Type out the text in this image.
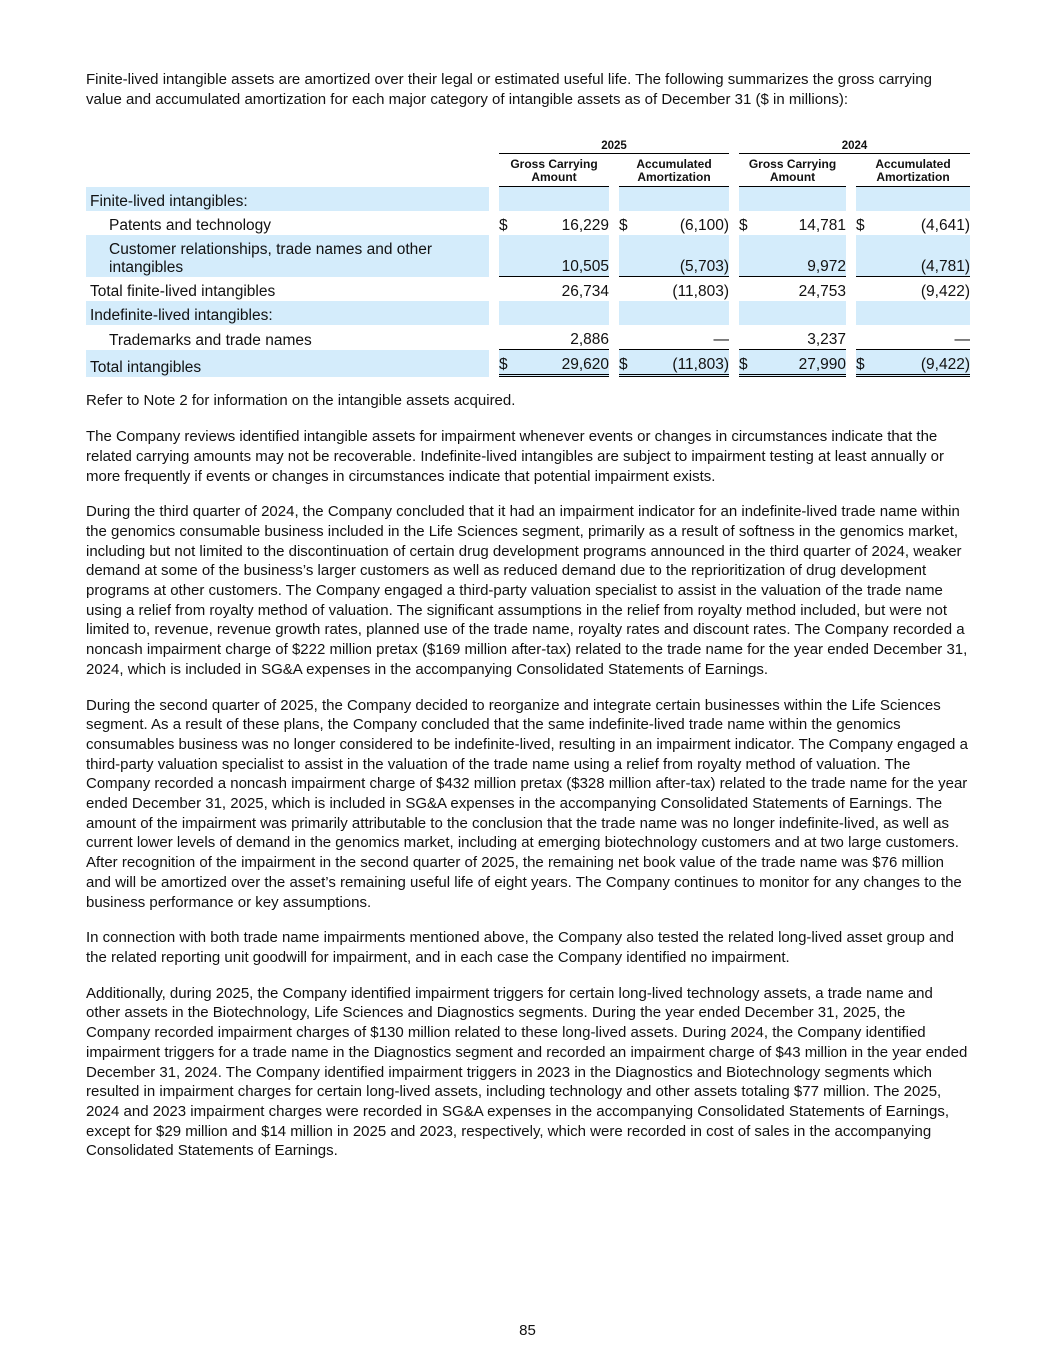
Finite-lived intangible assets are amortized over their legal or estimated useful life. The following summarizes the gross carrying value and accumulated amortization for each major category of intangible assets as of December 31 ($ in millions):

		2025						2024				
		Gross Carrying Amount			Accumulated Amortization			Gross Carrying Amount			Accumulated Amortization	
Finite-lived intangibles:												
Patents and technology		$	16,229		$	(6,100)		$	14,781		$	(4,641)
Customer relationships, trade names and other intangibles			10,505			(5,703)			9,972			(4,781)
Total finite-lived intangibles			26,734			(11,803)			24,753			(9,422)
Indefinite-lived intangibles:												
Trademarks and trade names			2,886			—			3,237			—
Total intangibles		$	29,620		$	(11,803)		$	27,990		$	(9,422)

Refer to Note 2 for information on the intangible assets acquired.

The Company reviews identified intangible assets for impairment whenever events or changes in circumstances indicate that the related carrying amounts may not be recoverable. Indefinite-lived intangibles are subject to impairment testing at least annually or more frequently if events or changes in circumstances indicate that potential impairment exists.

During the third quarter of 2024, the Company concluded that it had an impairment indicator for an indefinite-lived trade name within the genomics consumable business included in the Life Sciences segment, primarily as a result of softness in the genomics market, including but not limited to the discontinuation of certain drug development programs announced in the third quarter of 2024, weaker demand at some of the business’s larger customers as well as reduced demand due to the reprioritization of drug development programs at other customers. The Company engaged a third-party valuation specialist to assist in the valuation of the trade name using a relief from royalty method of valuation. The significant assumptions in the relief from royalty method included, but were not limited to, revenue, revenue growth rates, planned use of the trade name, royalty rates and discount rates. The Company recorded a noncash impairment charge of $222 million pretax ($169 million after-tax) related to the trade name for the year ended December 31, 2024, which is included in SG&A expenses in the accompanying Consolidated Statements of Earnings.

During the second quarter of 2025, the Company decided to reorganize and integrate certain businesses within the Life Sciences segment. As a result of these plans, the Company concluded that the same indefinite-lived trade name within the genomics consumables business was no longer considered to be indefinite-lived, resulting in an impairment indicator. The Company engaged a third-party valuation specialist to assist in the valuation of the trade name using a relief from royalty method of valuation. The Company recorded a noncash impairment charge of $432 million pretax ($328 million after-tax) related to the trade name for the year ended December 31, 2025, which is included in SG&A expenses in the accompanying Consolidated Statements of Earnings. The amount of the impairment was primarily attributable to the conclusion that the trade name was no longer indefinite-lived, as well as current lower levels of demand in the genomics market, including at emerging biotechnology customers and at two large customers. After recognition of the impairment in the second quarter of 2025, the remaining net book value of the trade name was $76 million and will be amortized over the asset’s remaining useful life of eight years. The Company continues to monitor for any changes to the business performance or key assumptions.

In connection with both trade name impairments mentioned above, the Company also tested the related long-lived asset group and the related reporting unit goodwill for impairment, and in each case the Company identified no impairment.

Additionally, during 2025, the Company identified impairment triggers for certain long-lived technology assets, a trade name and other assets in the Biotechnology, Life Sciences and Diagnostics segments. During the year ended December 31, 2025, the Company recorded impairment charges of $130 million related to these long-lived assets. During 2024, the Company identified impairment triggers for a trade name in the Diagnostics segment and recorded an impairment charge of $43 million in the year ended December 31, 2024. The Company identified impairment triggers in 2023 in the Diagnostics and Biotechnology segments which resulted in impairment charges for certain long-lived assets, including technology and other assets totaling $77 million. The 2025, 2024 and 2023 impairment charges were recorded in SG&A expenses in the accompanying Consolidated Statements of Earnings, except for $29 million and $14 million in 2025 and 2023, respectively, which were recorded in cost of sales in the accompanying Consolidated Statements of Earnings.

85
